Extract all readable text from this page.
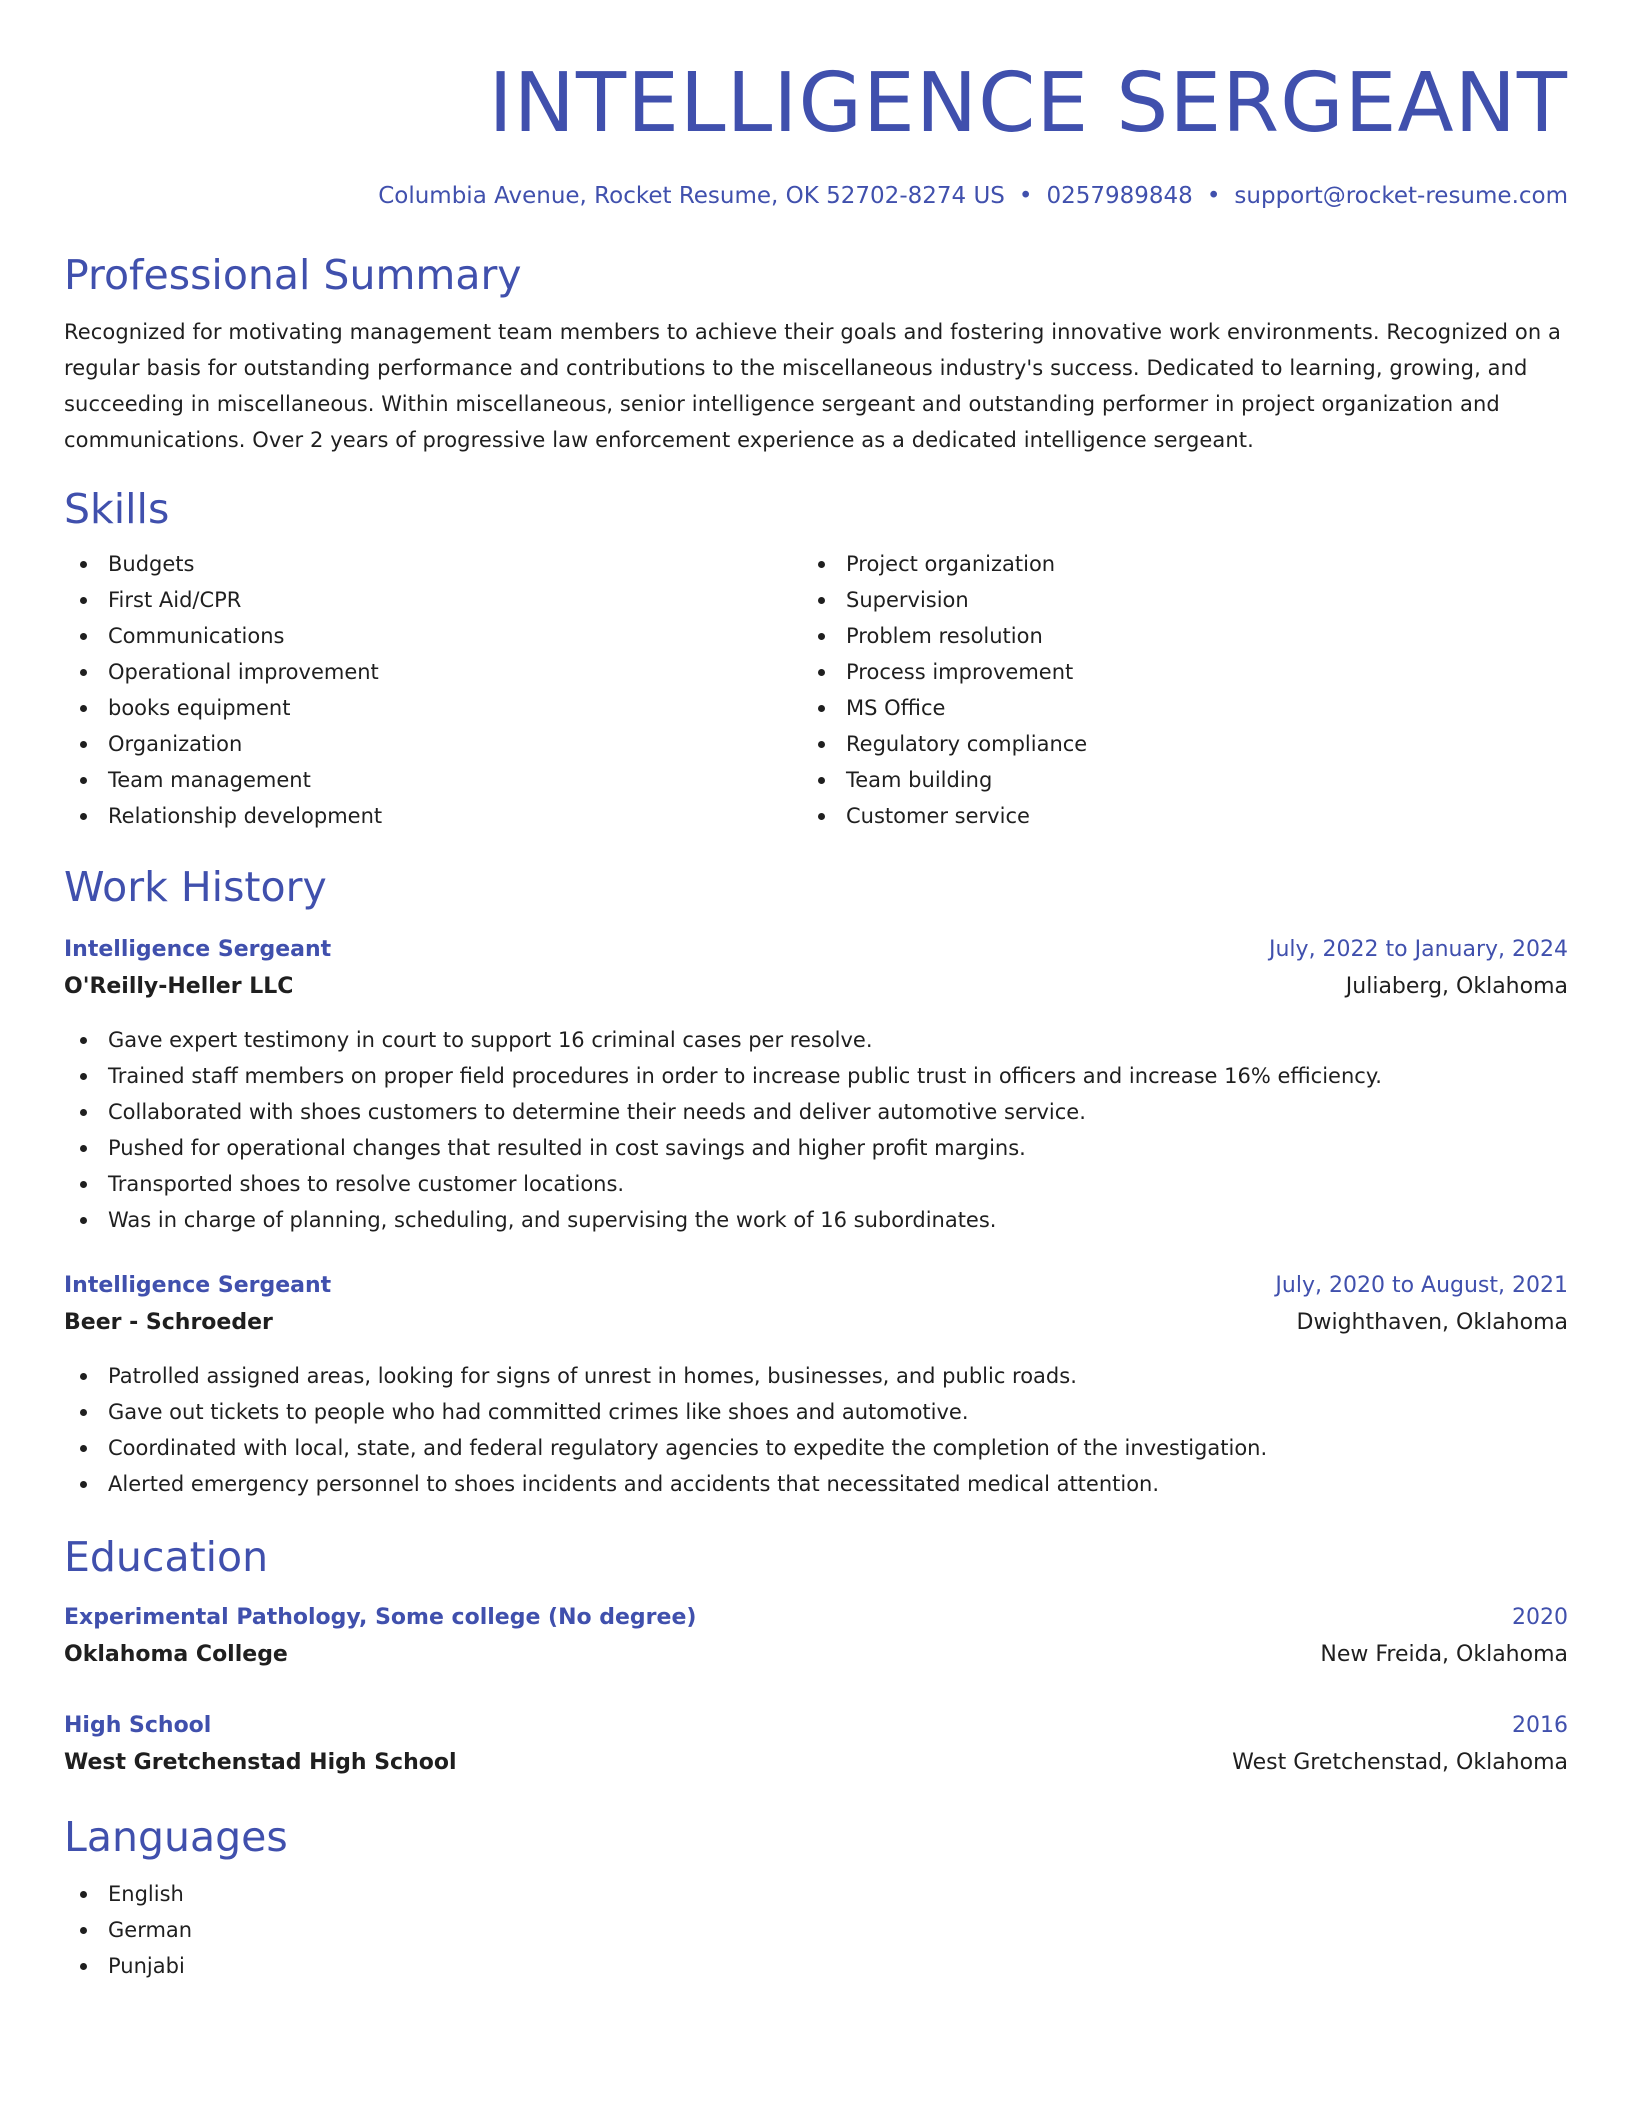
INTELLIGENCE SERGEANT
Columbia Avenue, Rocket Resume, OK 52702-8274 US • 0257989848 • support@rocket-resume.com
Professional Summary
Recognized for motivating management team members to achieve their goals and fostering innovative work environments. Recognized on a regular basis for outstanding performance and contributions to the miscellaneous industry's success. Dedicated to learning, growing, and succeeding in miscellaneous. Within miscellaneous, senior intelligence sergeant and outstanding performer in project organization and communications. Over 2 years of progressive law enforcement experience as a dedicated intelligence sergeant.
Skills
Budgets
First Aid/CPR
Communications
Operational improvement
books equipment
Organization
Team management
Relationship development
Project organization
Supervision
Problem resolution
Process improvement
MS Office
Regulatory compliance
Team building
Customer service
Work History
Intelligence Sergeant	July, 2022 to January, 2024
O'Reilly-Heller LLC	Juliaberg, Oklahoma
Gave expert testimony in court to support 16 criminal cases per resolve.
Trained staff members on proper field procedures in order to increase public trust in officers and increase 16% efficiency.
Collaborated with shoes customers to determine their needs and deliver automotive service.
Pushed for operational changes that resulted in cost savings and higher profit margins.
Transported shoes to resolve customer locations.
Was in charge of planning, scheduling, and supervising the work of 16 subordinates.
Intelligence Sergeant	July, 2020 to August, 2021
Beer - Schroeder	Dwighthaven, Oklahoma
Patrolled assigned areas, looking for signs of unrest in homes, businesses, and public roads.
Gave out tickets to people who had committed crimes like shoes and automotive.
Coordinated with local, state, and federal regulatory agencies to expedite the completion of the investigation.
Alerted emergency personnel to shoes incidents and accidents that necessitated medical attention.
Education
Experimental Pathology, Some college (No degree)	2020
Oklahoma College	New Freida, Oklahoma
High School	2016
West Gretchenstad High School	West Gretchenstad, Oklahoma
Languages
English
German
Punjabi
